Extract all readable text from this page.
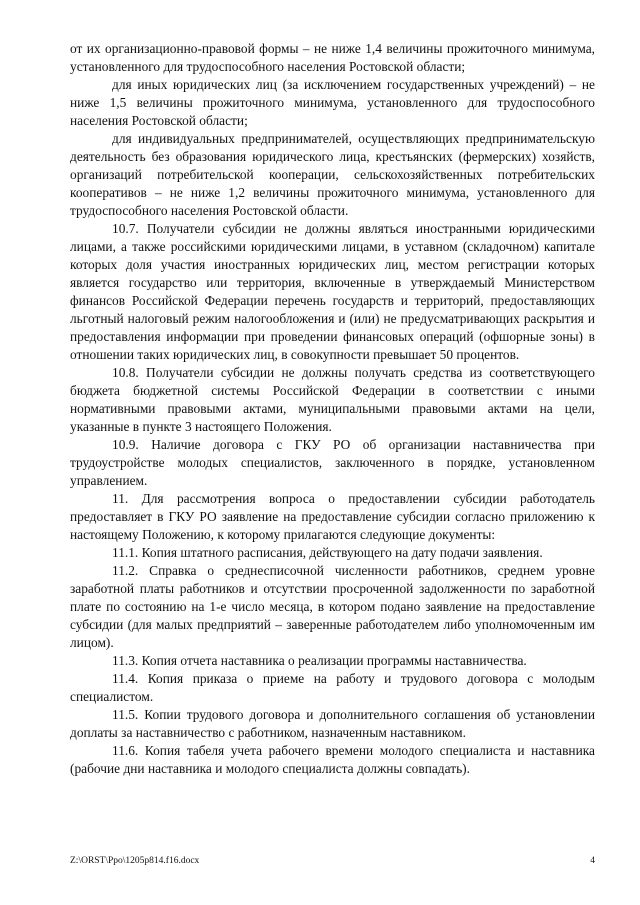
от их организационно-правовой формы – не ниже 1,4 величины прожиточного минимума, установленного для трудоспособного населения Ростовской области;

для иных юридических лиц (за исключением государственных учреждений) – не ниже 1,5 величины прожиточного минимума, установленного для трудоспособного населения Ростовской области;

для индивидуальных предпринимателей, осуществляющих предпринимательскую деятельность без образования юридического лица, крестьянских (фермерских) хозяйств, организаций потребительской кооперации, сельскохозяйственных потребительских кооперативов – не ниже 1,2 величины прожиточного минимума, установленного для трудоспособного населения Ростовской области.

10.7. Получатели субсидии не должны являться иностранными юридическими лицами, а также российскими юридическими лицами, в уставном (складочном) капитале которых доля участия иностранных юридических лиц, местом регистрации которых является государство или территория, включенные в утверждаемый Министерством финансов Российской Федерации перечень государств и территорий, предоставляющих льготный налоговый режим налогообложения и (или) не предусматривающих раскрытия и предоставления информации при проведении финансовых операций (офшорные зоны) в отношении таких юридических лиц, в совокупности превышает 50 процентов.

10.8. Получатели субсидии не должны получать средства из соответствующего бюджета бюджетной системы Российской Федерации в соответствии с иными нормативными правовыми актами, муниципальными правовыми актами на цели, указанные в пункте 3 настоящего Положения.

10.9. Наличие договора с ГКУ РО об организации наставничества при трудоустройстве молодых специалистов, заключенного в порядке, установленном управлением.

11. Для рассмотрения вопроса о предоставлении субсидии работодатель предоставляет в ГКУ РО заявление на предоставление субсидии согласно приложению к настоящему Положению, к которому прилагаются следующие документы:

11.1. Копия штатного расписания, действующего на дату подачи заявления.

11.2. Справка о среднесписочной численности работников, среднем уровне заработной платы работников и отсутствии просроченной задолженности по заработной плате по состоянию на 1-е число месяца, в котором подано заявление на предоставление субсидии (для малых предприятий – заверенные работодателем либо уполномоченным им лицом).

11.3. Копия отчета наставника о реализации программы наставничества.

11.4. Копия приказа о приеме на работу и трудового договора с молодым специалистом.

11.5. Копии трудового договора и дополнительного соглашения об установлении доплаты за наставничество с работником, назначенным наставником.

11.6. Копия табеля учета рабочего времени молодого специалиста и наставника (рабочие дни наставника и молодого специалиста должны совпадать).

Z:\ORST\Ppo\1205p814.f16.docx	4
